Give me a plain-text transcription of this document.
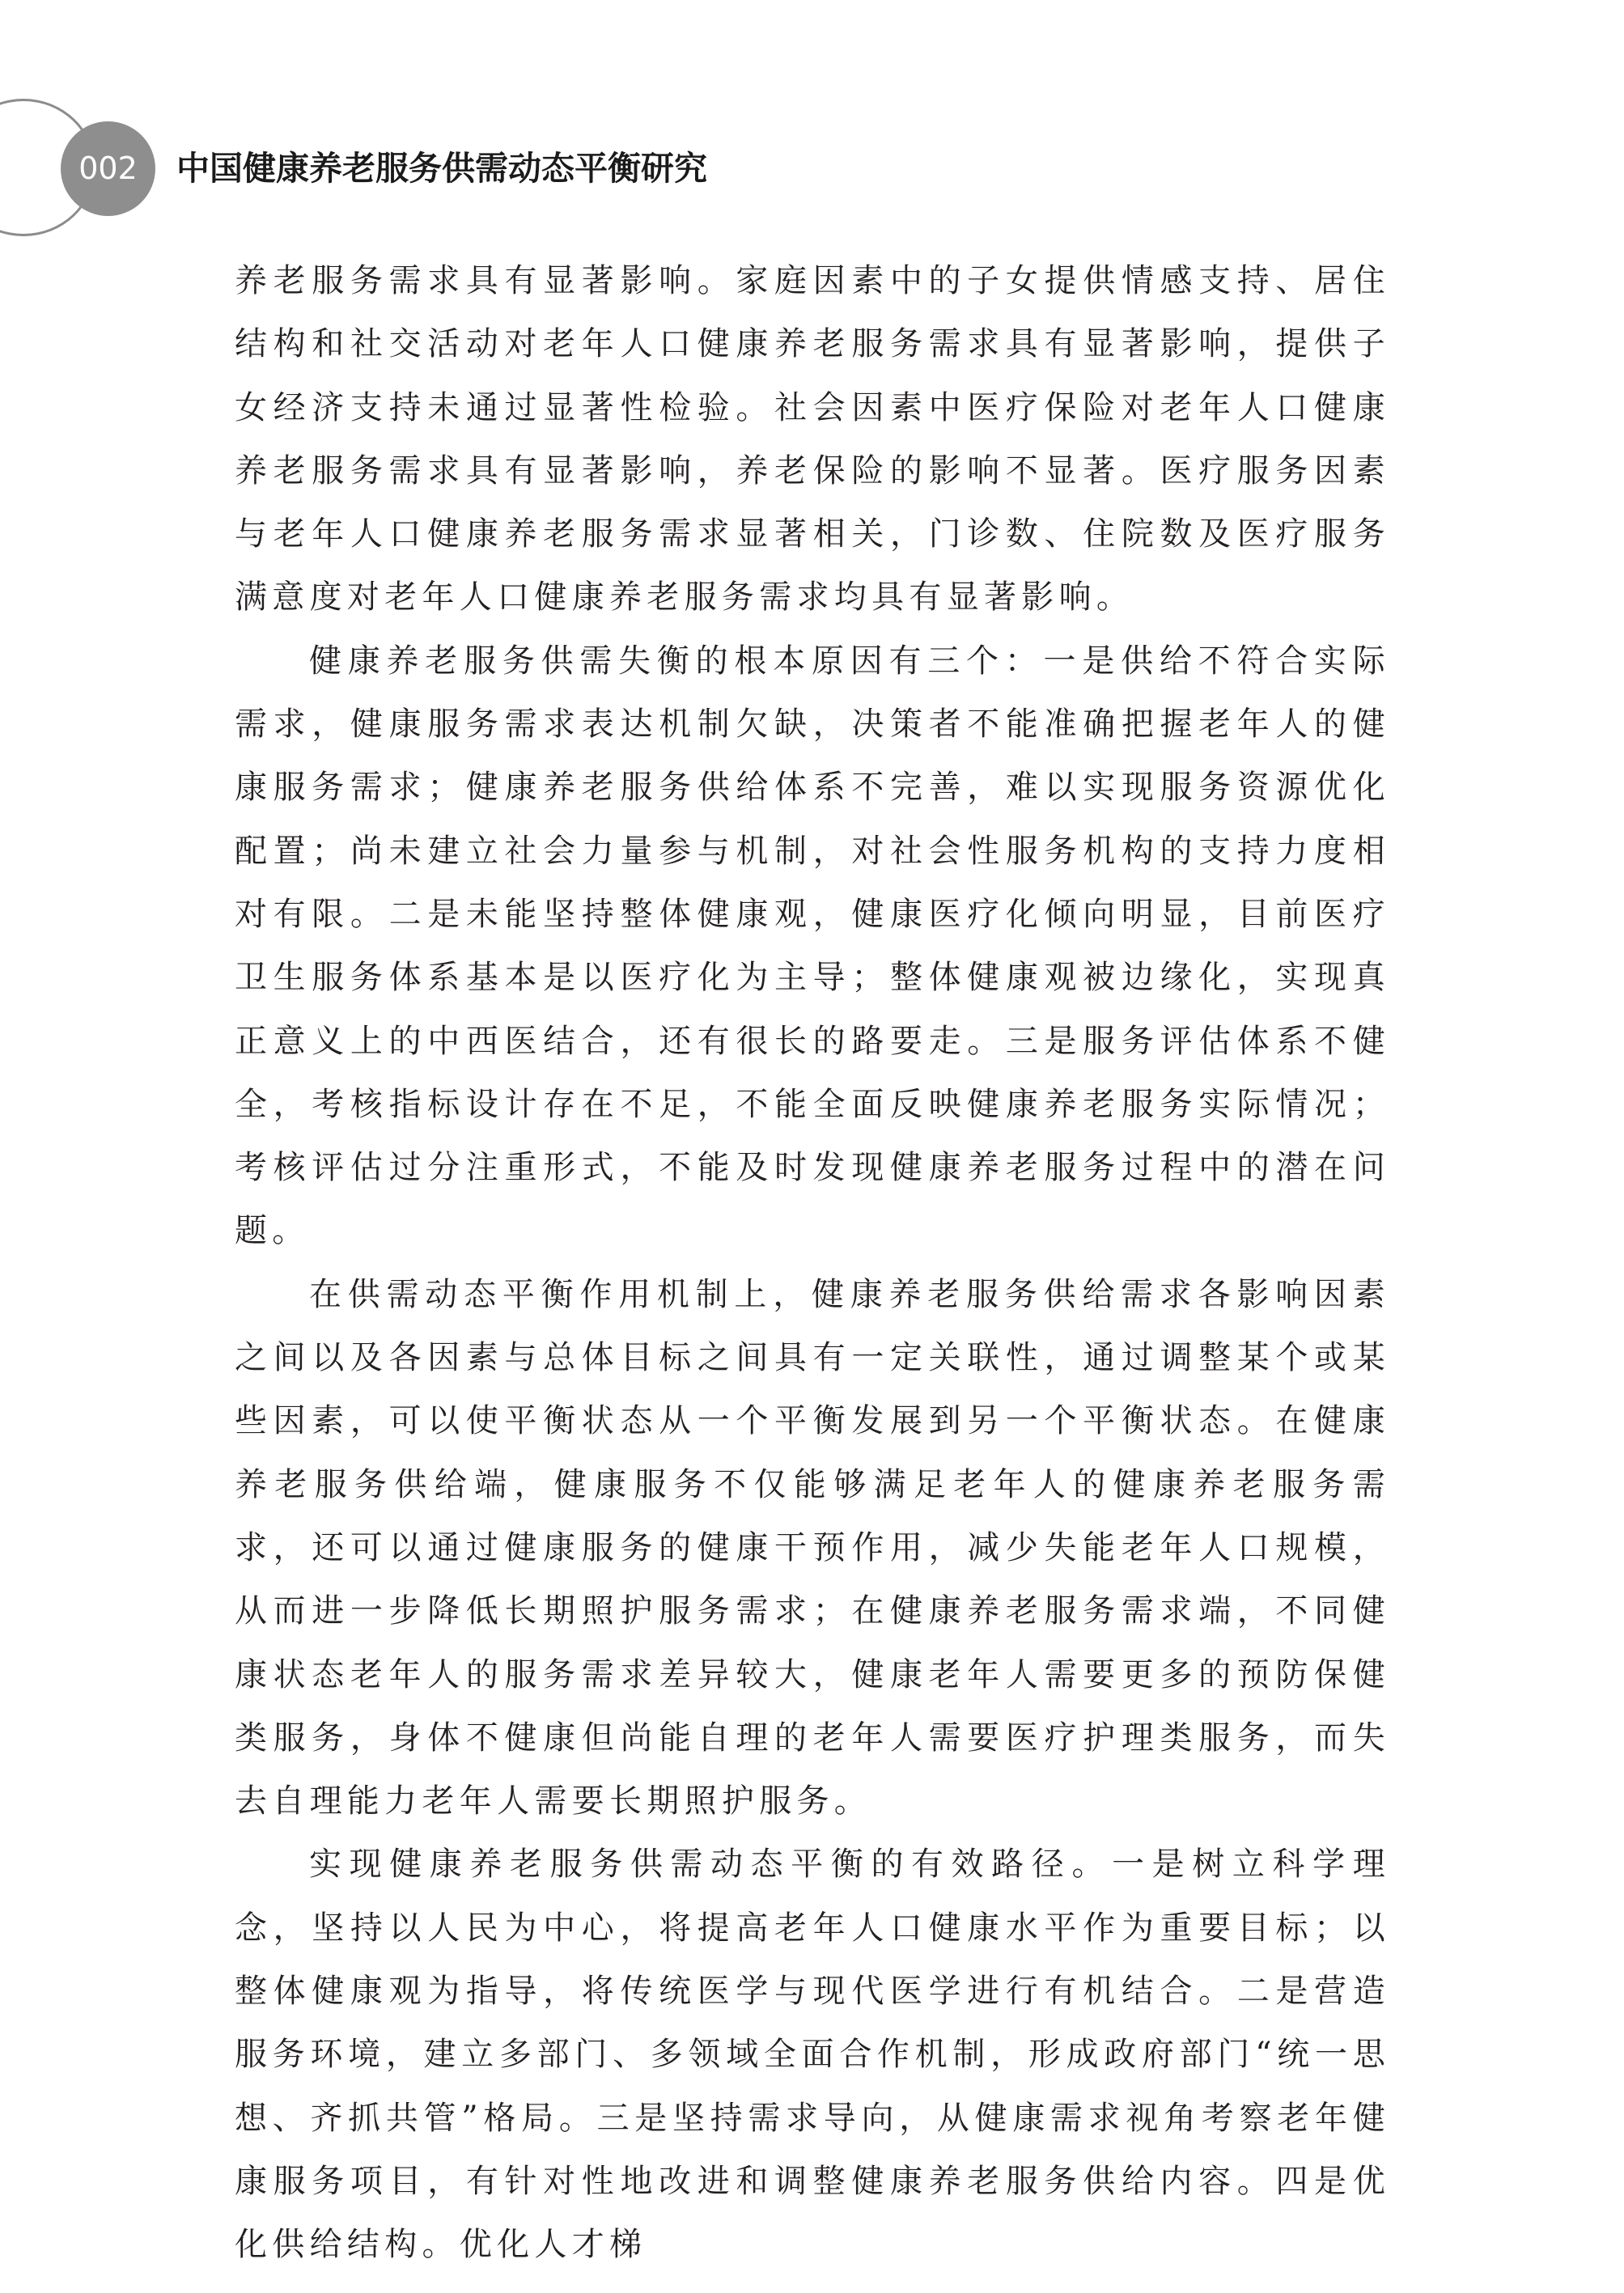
002	中国健康养老服务供需动态平衡研究

养老服务需求具有显著影响。家庭因素中的子女提供情感支持、居住结构和社交活动对老年人口健康养老服务需求具有显著影响，提供子女经济支持未通过显著性检验。社会因素中医疗保险对老年人口健康养老服务需求具有显著影响，养老保险的影响不显著。医疗服务因素与老年人口健康养老服务需求显著相关，门诊数、住院数及医疗服务满意度对老年人口健康养老服务需求均具有显著影响。

健康养老服务供需失衡的根本原因有三个：一是供给不符合实际需求，健康服务需求表达机制欠缺，决策者不能准确把握老年人的健康服务需求；健康养老服务供给体系不完善，难以实现服务资源优化配置；尚未建立社会力量参与机制，对社会性服务机构的支持力度相对有限。二是未能坚持整体健康观，健康医疗化倾向明显，目前医疗卫生服务体系基本是以医疗化为主导；整体健康观被边缘化，实现真正意义上的中西医结合，还有很长的路要走。三是服务评估体系不健全，考核指标设计存在不足，不能全面反映健康养老服务实际情况；考核评估过分注重形式，不能及时发现健康养老服务过程中的潜在问题。

在供需动态平衡作用机制上，健康养老服务供给需求各影响因素之间以及各因素与总体目标之间具有一定关联性，通过调整某个或某些因素，可以使平衡状态从一个平衡发展到另一个平衡状态。在健康养老服务供给端，健康服务不仅能够满足老年人的健康养老服务需求，还可以通过健康服务的健康干预作用，减少失能老年人口规模，从而进一步降低长期照护服务需求；在健康养老服务需求端，不同健康状态老年人的服务需求差异较大，健康老年人需要更多的预防保健类服务，身体不健康但尚能自理的老年人需要医疗护理类服务，而失去自理能力老年人需要长期照护服务。

实现健康养老服务供需动态平衡的有效路径。一是树立科学理念，坚持以人民为中心，将提高老年人口健康水平作为重要目标；以整体健康观为指导，将传统医学与现代医学进行有机结合。二是营造服务环境，建立多部门、多领域全面合作机制，形成政府部门“统一思想、齐抓共管”格局。三是坚持需求导向，从健康需求视角考察老年健康服务项目，有针对性地改进和调整健康养老服务供给内容。四是优化供给结构。优化人才梯
